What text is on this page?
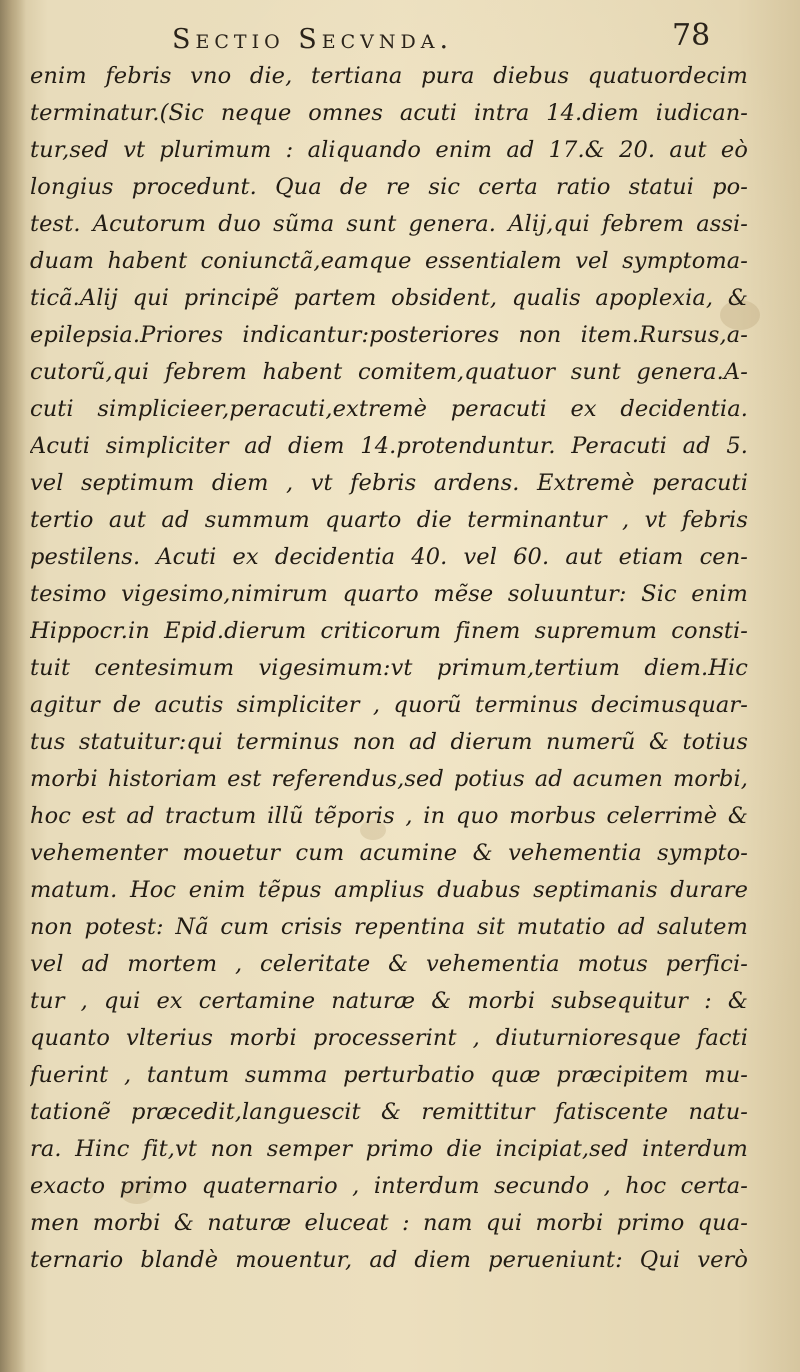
Sectio Secvnda.	78
enim febris vno die, tertiana pura diebus quatuordecim
terminatur.(Sic neque omnes acuti intra 14.diem iudican-
tur,sed vt plurimum : aliquando enim ad 17.& 20. aut eò
longius procedunt. Qua de re sic certa ratio statui po-
test. Acutorum duo sũma sunt genera. Alij,qui febrem assi-
duam habent coniunctã,eamque essentialem vel symptoma-
ticã.Alij qui principẽ partem obsident, qualis apoplexia, &
epilepsia.Priores indicantur:posteriores non item.Rursus,a-
cutorũ,qui febrem habent comitem,quatuor sunt genera.A-
cuti simplicieer,peracuti,extremè peracuti ex decidentia.
Acuti simpliciter ad diem 14.protenduntur. Peracuti ad 5.
vel septimum diem , vt febris ardens. Extremè peracuti
tertio aut ad summum quarto die terminantur , vt febris
pestilens. Acuti ex decidentia 40. vel 60. aut etiam cen-
tesimo vigesimo,nimirum quarto mẽse soluuntur: Sic enim
Hippocr.in Epid.dierum criticorum finem supremum consti-
tuit centesimum vigesimum:vt primum,tertium diem.Hic
agitur de acutis simpliciter , quorũ terminus decimusquar-
tus statuitur:qui terminus non ad dierum numerũ & totius
morbi historiam est referendus,sed potius ad acumen morbi,
hoc est ad tractum illũ tẽporis , in quo morbus celerrimè &
vehementer mouetur cum acumine & vehementia sympto-
matum. Hoc enim tẽpus amplius duabus septimanis durare
non potest: Nã cum crisis repentina sit mutatio ad salutem
vel ad mortem , celeritate & vehementia motus perfici-
tur , qui ex certamine naturæ & morbi subsequitur : &
quanto vlterius morbi processerint , diuturnioresque facti
fuerint , tantum summa perturbatio quæ præcipitem mu-
tationẽ præcedit,languescit & remittitur fatiscente natu-
ra. Hinc fit,vt non semper primo die incipiat,sed interdum
exacto primo quaternario , interdum secundo , hoc certa-
men morbi & naturæ eluceat : nam qui morbi primo qua-
ternario blandè mouentur, ad diem perueniunt: Qui verò
